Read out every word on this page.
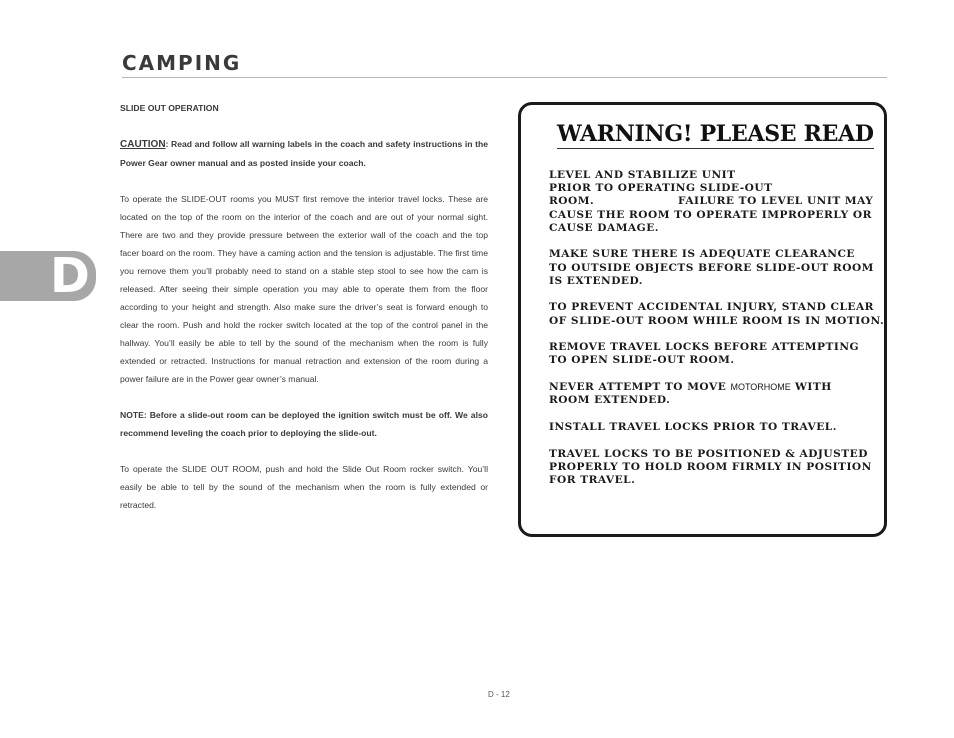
CAMPING
D

SLIDE OUT OPERATION

CAUTION: Read and follow all warning labels in the coach and safety instructions in the Power Gear owner manual and as posted inside your coach.

To operate the SLIDE-OUT rooms you MUST first remove the interior travel locks. These are located on the top of the room on the interior of the coach and are out of your normal sight. There are two and they provide pressure between the exterior wall of the coach and the top facer board on the room. They have a caming action and the tension is adjustable. The first time you remove them you’ll probably need to stand on a stable step stool to see how the cam is released. After seeing their simple operation you may able to operate them from the floor according to your height and strength. Also make sure the driver’s seat is forward enough to clear the room. Push and hold the rocker switch located at the top of the control panel in the hallway. You’ll easily be able to tell by the sound of the mechanism when the room is fully extended or retracted. Instructions for manual retraction and extension of the room during a power failure are in the Power gear owner’s manual.

NOTE: Before a slide-out room can be deployed the ignition switch must be off. We also recommend leveling the coach prior to deploying the slide-out.

To operate the SLIDE OUT ROOM, push and hold the Slide Out Room rocker switch. You’ll easily be able to tell by the sound of the mechanism when the room is fully extended or retracted.

WARNING! PLEASE READ

LEVEL AND STABILIZE UNIT

PRIOR TO OPERATING SLIDE-OUT

ROOM.                    FAILURE TO LEVEL UNIT MAY

CAUSE THE ROOM TO OPERATE IMPROPERLY OR

CAUSE DAMAGE.

MAKE SURE THERE IS ADEQUATE CLEARANCE

TO OUTSIDE OBJECTS BEFORE SLIDE-OUT ROOM

IS EXTENDED.

TO PREVENT ACCIDENTAL INJURY, STAND CLEAR

OF SLIDE-OUT ROOM WHILE ROOM IS IN MOTION.

REMOVE TRAVEL LOCKS BEFORE ATTEMPTING

TO OPEN SLIDE-OUT ROOM.

NEVER ATTEMPT TO MOVE MOTORHOME WITH

ROOM EXTENDED.

INSTALL TRAVEL LOCKS PRIOR TO TRAVEL.

TRAVEL LOCKS TO BE POSITIONED & ADJUSTED

PROPERLY TO HOLD ROOM FIRMLY IN POSITION

FOR TRAVEL.

D - 12
